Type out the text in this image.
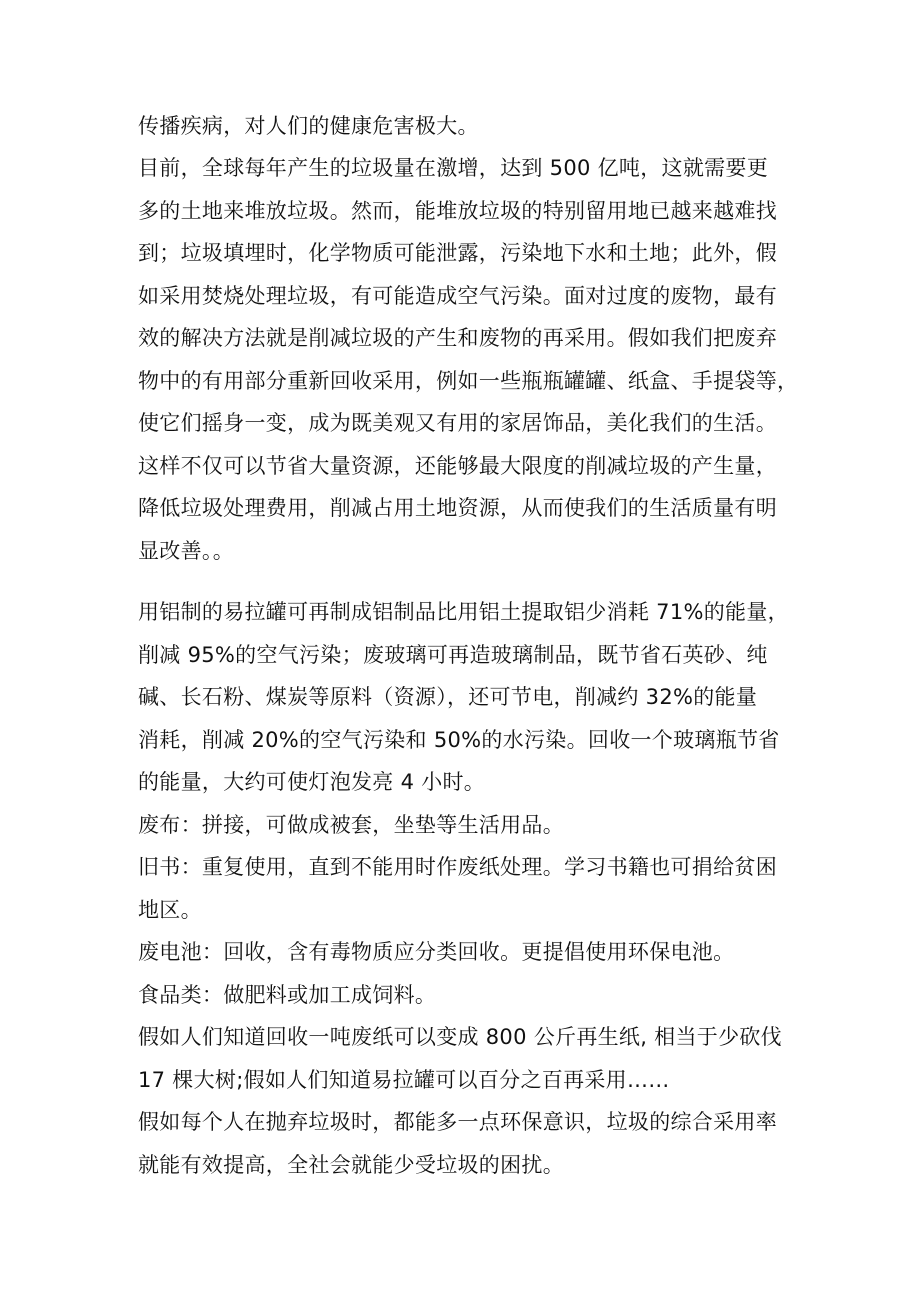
传播疾病，对人们的健康危害极大。
目前，全球每年产生的垃圾量在激增，达到 500 亿吨，这就需要更
多的土地来堆放垃圾。然而，能堆放垃圾的特别留用地已越来越难找
到；垃圾填埋时，化学物质可能泄露，污染地下水和土地；此外，假
如采用焚烧处理垃圾，有可能造成空气污染。面对过度的废物，最有
效的解决方法就是削减垃圾的产生和废物的再采用。假如我们把废弃
物中的有用部分重新回收采用，例如一些瓶瓶罐罐、纸盒、手提袋等，
使它们摇身一变，成为既美观又有用的家居饰品，美化我们的生活。
这样不仅可以节省大量资源，还能够最大限度的削减垃圾的产生量，
降低垃圾处理费用，削减占用土地资源，从而使我们的生活质量有明
显改善。。
用铝制的易拉罐可再制成铝制品比用铝土提取铝少消耗 71%的能量，
削减 95%的空气污染；废玻璃可再造玻璃制品，既节省石英砂、纯
碱、长石粉、煤炭等原料（资源），还可节电，削减约 32%的能量
消耗，削减 20%的空气污染和 50%的水污染。回收一个玻璃瓶节省
的能量，大约可使灯泡发亮 4 小时。
废布：拼接，可做成被套，坐垫等生活用品。
旧书：重复使用，直到不能用时作废纸处理。学习书籍也可捐给贫困
地区。
废电池：回收，含有毒物质应分类回收。更提倡使用环保电池。
食品类：做肥料或加工成饲料。
假如人们知道回收一吨废纸可以变成 800 公斤再生纸, 相当于少砍伐
17 棵大树;假如人们知道易拉罐可以百分之百再采用……
假如每个人在抛弃垃圾时，都能多一点环保意识，垃圾的综合采用率
就能有效提高，全社会就能少受垃圾的困扰。
